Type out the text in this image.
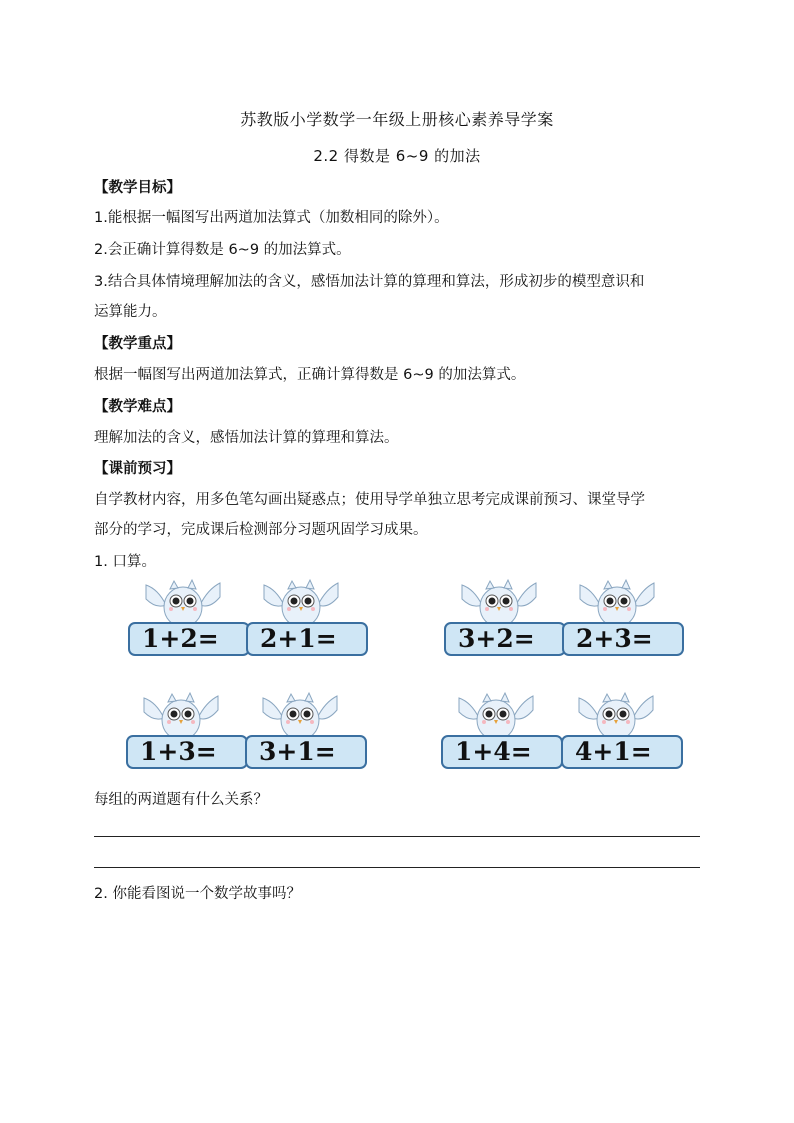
苏教版小学数学一年级上册核心素养导学案
2.2 得数是 6~9 的加法
【教学目标】
1.能根据一幅图写出两道加法算式（加数相同的除外）。
2.会正确计算得数是 6~9 的加法算式。
3.结合具体情境理解加法的含义，感悟加法计算的算理和算法，形成初步的模型意识和
运算能力。
【教学重点】
根据一幅图写出两道加法算式，正确计算得数是 6~9 的加法算式。
【教学难点】
理解加法的含义，感悟加法计算的算理和算法。
【课前预习】
自学教材内容，用多色笔勾画出疑惑点；使用导学单独立思考完成课前预习、课堂导学
部分的学习，完成课后检测部分习题巩固学习成果。
1. 口算。
1+2=	2+1=	3+2=	2+3=
1+3=	3+1=	1+4=	4+1=
每组的两道题有什么关系？
2. 你能看图说一个数学故事吗？
